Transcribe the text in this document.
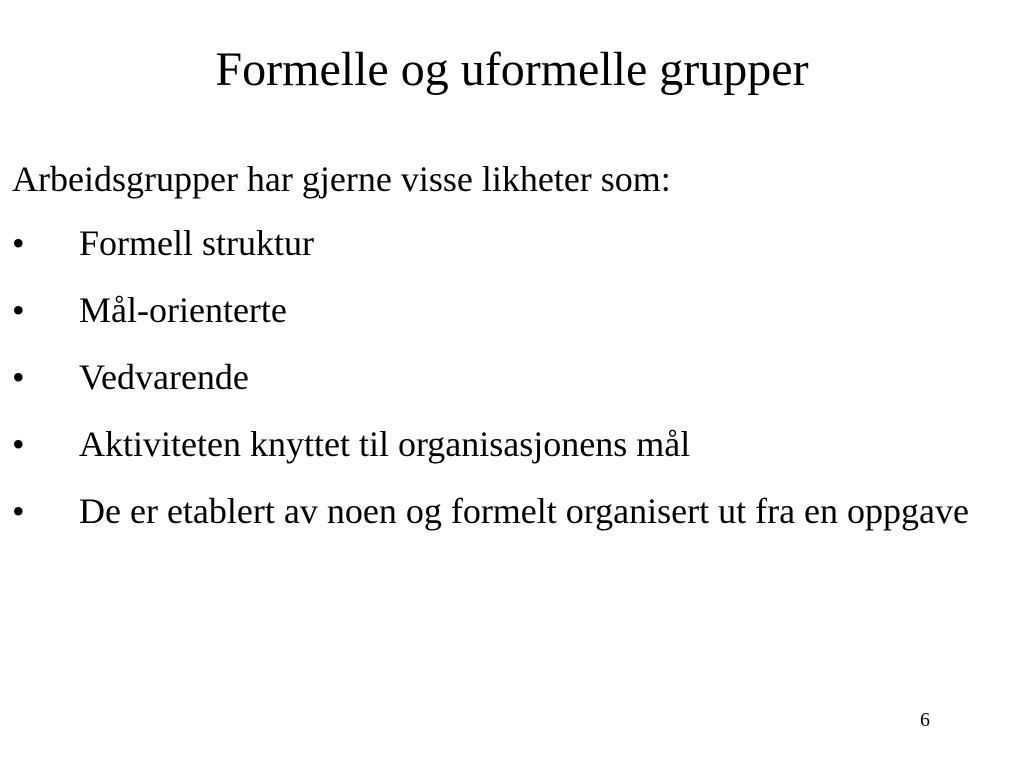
Formelle og uformelle grupper

Arbeidsgrupper har gjerne visse likheter som:

•	Formell struktur
•	Mål-orienterte
•	Vedvarende
•	Aktiviteten knyttet til organisasjonens mål
•	De er etablert av noen og formelt organisert ut fra en oppgave
6
